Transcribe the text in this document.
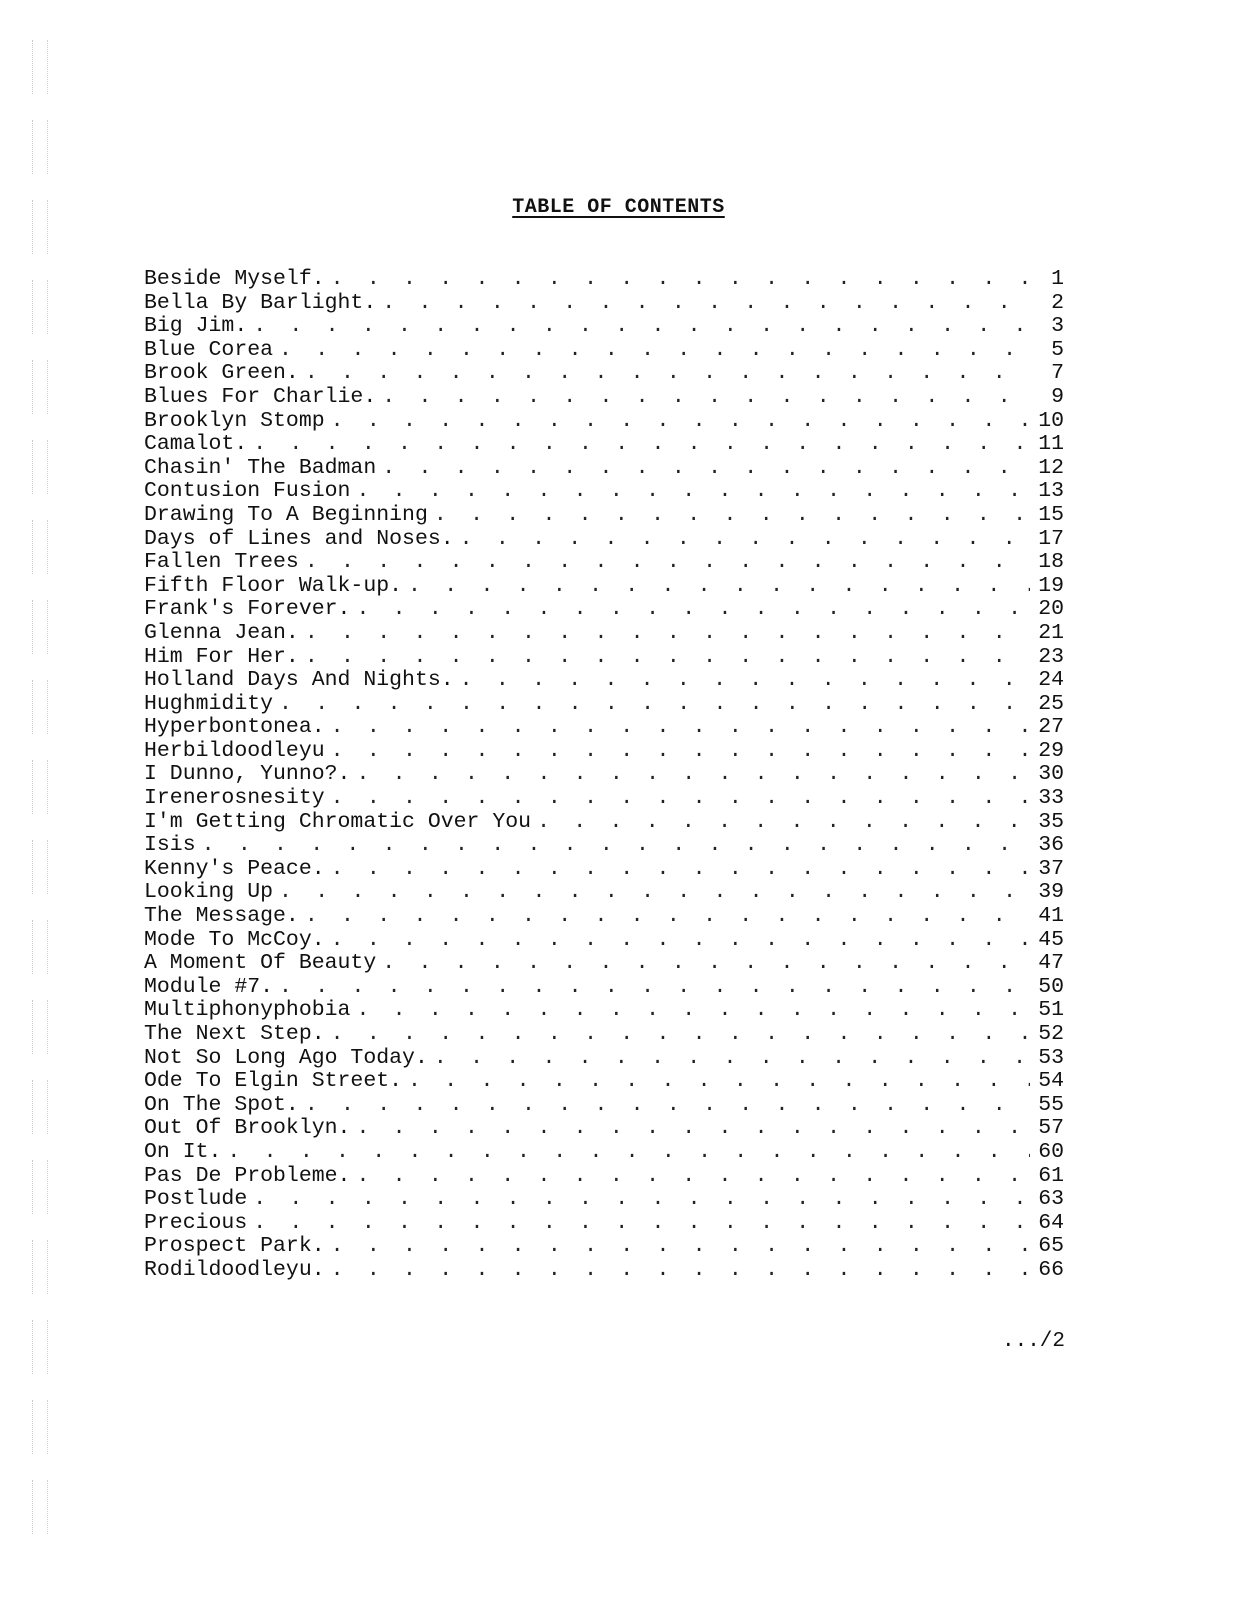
TABLE OF CONTENTS
Beside Myself. . . .	1
Bella By Barlight. . . .	2
Big Jim. . . .	3
Blue Corea . . .	5
Brook Green. . . .	7
Blues For Charlie. . . .	9
Brooklyn Stomp . . .	10
Camalot. . . .	11
Chasin' The Badman . . .	12
Contusion Fusion . . .	13
Drawing To A Beginning . . .	15
Days of Lines and Noses. . . .	17
Fallen Trees . . .	18
Fifth Floor Walk-up. . . .	19
Frank's Forever. . . .	20
Glenna Jean. . . .	21
Him For Her. . . .	23
Holland Days And Nights. . . .	24
Hughmidity . . .	25
Hyperbontonea. . . .	27
Herbildoodleyu . . .	29
I Dunno, Yunno?. . . .	30
Irenerosnesity . . .	33
I'm Getting Chromatic Over You . . .	35
Isis . . .	36
Kenny's Peace. . . .	37
Looking Up . . .	39
The Message. . . .	41
Mode To McCoy. . . .	45
A Moment Of Beauty . . .	47
Module #7. . . .	50
Multiphonyphobia . . .	51
The Next Step. . . .	52
Not So Long Ago Today. . . .	53
Ode To Elgin Street. . . .	54
On The Spot. . . .	55
Out Of Brooklyn. . . .	57
On It. . . .	60
Pas De Probleme. . . .	61
Postlude . . .	63
Precious . . .	64
Prospect Park. . . .	65
Rodildoodleyu. . . .	66
.../2
